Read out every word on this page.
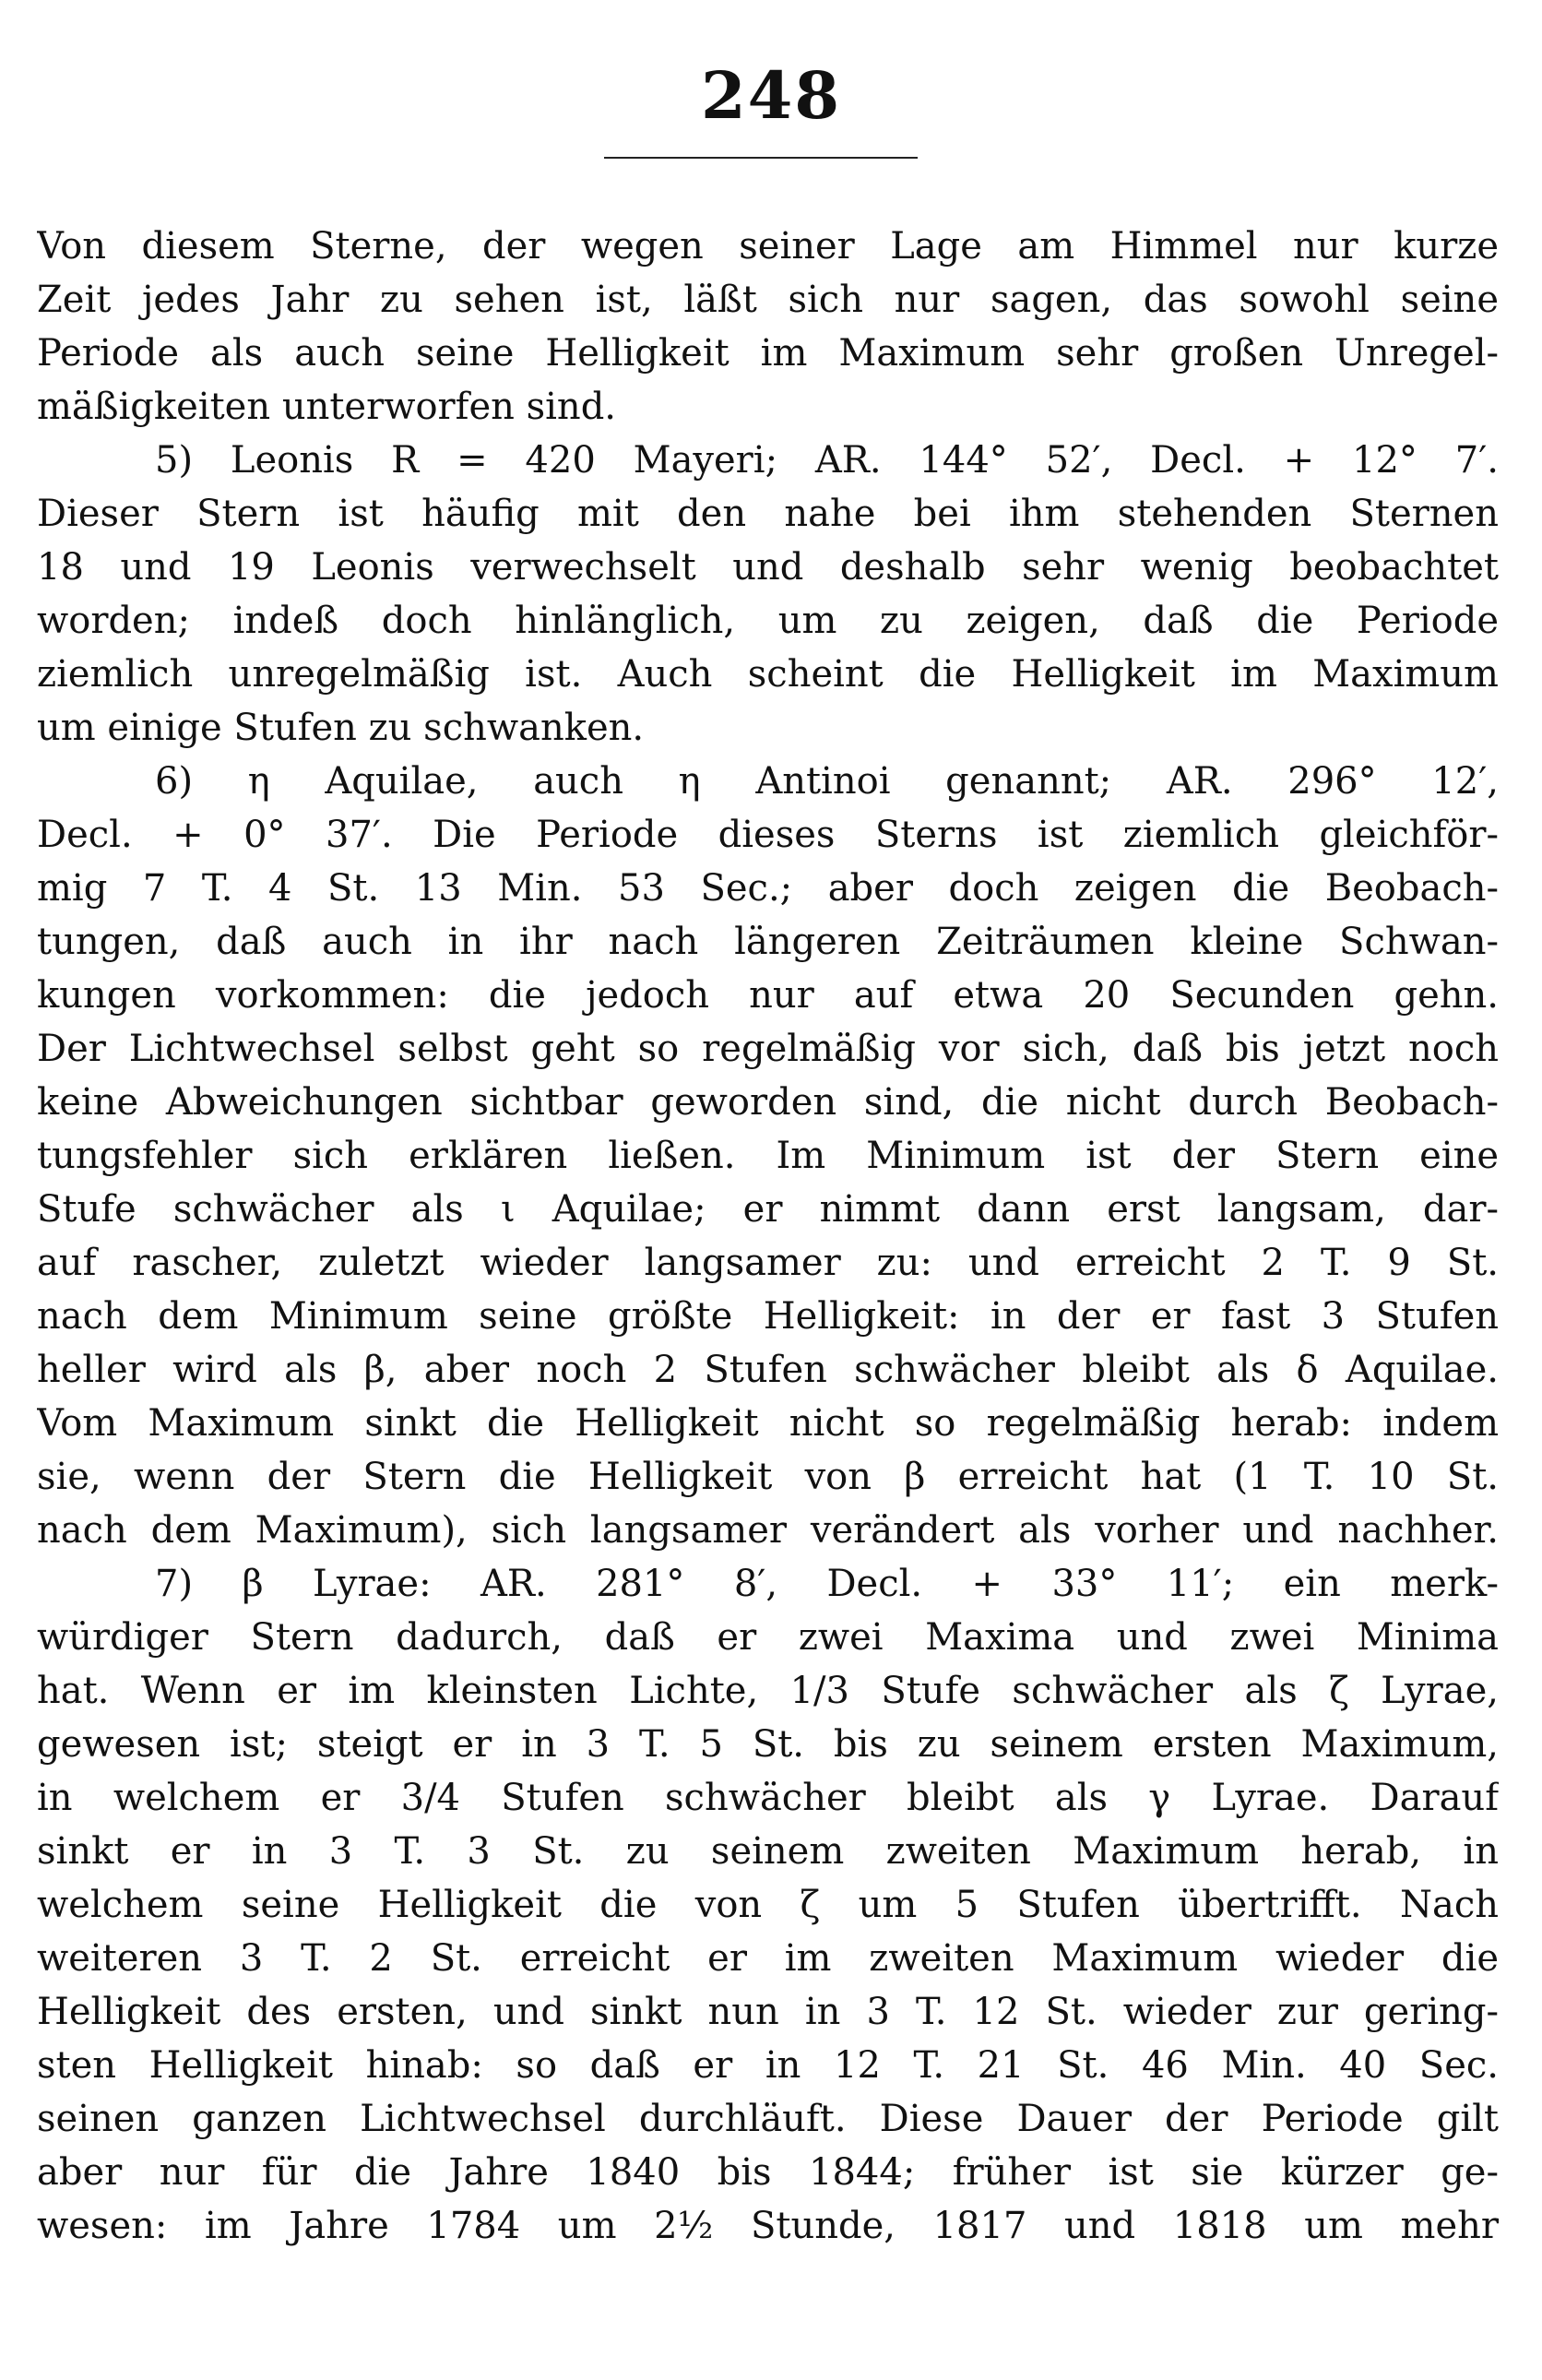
248
Von diesem Sterne, der wegen seiner Lage am Himmel nur kurze
Zeit jedes Jahr zu sehen ist, läßt sich nur sagen, das sowohl seine
Periode als auch seine Helligkeit im Maximum sehr großen Unregel-
mäßigkeiten unterworfen sind.
5) Leonis R = 420 Mayeri; AR. 144° 52′, Decl. + 12° 7′.
Dieser Stern ist häufig mit den nahe bei ihm stehenden Sternen
18 und 19 Leonis verwechselt und deshalb sehr wenig beobachtet
worden; indeß doch hinlänglich, um zu zeigen, daß die Periode
ziemlich unregelmäßig ist. Auch scheint die Helligkeit im Maximum
um einige Stufen zu schwanken.
6) η Aquilae, auch η Antinoi genannt; AR. 296° 12′,
Decl. + 0° 37′. Die Periode dieses Sterns ist ziemlich gleichför-
mig 7 T. 4 St. 13 Min. 53 Sec.; aber doch zeigen die Beobach-
tungen, daß auch in ihr nach längeren Zeiträumen kleine Schwan-
kungen vorkommen: die jedoch nur auf etwa 20 Secunden gehn.
Der Lichtwechsel selbst geht so regelmäßig vor sich, daß bis jetzt noch
keine Abweichungen sichtbar geworden sind, die nicht durch Beobach-
tungsfehler sich erklären ließen. Im Minimum ist der Stern eine
Stufe schwächer als ι Aquilae; er nimmt dann erst langsam, dar-
auf rascher, zuletzt wieder langsamer zu: und erreicht 2 T. 9 St.
nach dem Minimum seine größte Helligkeit: in der er fast 3 Stufen
heller wird als β, aber noch 2 Stufen schwächer bleibt als δ Aquilae.
Vom Maximum sinkt die Helligkeit nicht so regelmäßig herab: indem
sie, wenn der Stern die Helligkeit von β erreicht hat (1 T. 10 St.
nach dem Maximum), sich langsamer verändert als vorher und nachher.
7) β Lyrae: AR. 281° 8′, Decl. + 33° 11′; ein merk-
würdiger Stern dadurch, daß er zwei Maxima und zwei Minima
hat. Wenn er im kleinsten Lichte, 1/3 Stufe schwächer als ζ Lyrae,
gewesen ist; steigt er in 3 T. 5 St. bis zu seinem ersten Maximum,
in welchem er 3/4 Stufen schwächer bleibt als γ Lyrae. Darauf
sinkt er in 3 T. 3 St. zu seinem zweiten Maximum herab, in
welchem seine Helligkeit die von ζ um 5 Stufen übertrifft. Nach
weiteren 3 T. 2 St. erreicht er im zweiten Maximum wieder die
Helligkeit des ersten, und sinkt nun in 3 T. 12 St. wieder zur gering-
sten Helligkeit hinab: so daß er in 12 T. 21 St. 46 Min. 40 Sec.
seinen ganzen Lichtwechsel durchläuft. Diese Dauer der Periode gilt
aber nur für die Jahre 1840 bis 1844; früher ist sie kürzer ge-
wesen: im Jahre 1784 um 2½ Stunde, 1817 und 1818 um mehr
